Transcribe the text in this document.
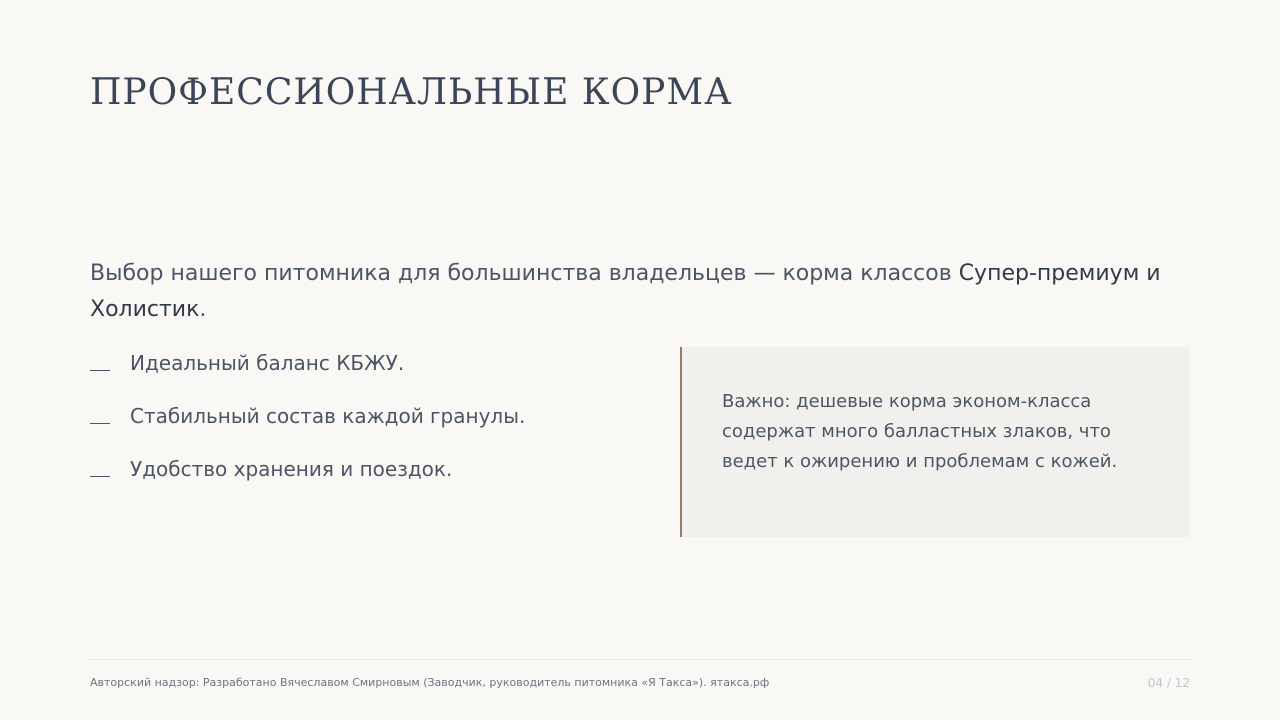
ПРОФЕССИОНАЛЬНЫЕ КОРМА
Выбор нашего питомника для большинства владельцев — корма классов Супер-премиум и Холистик.
Идеальный баланс КБЖУ.
Стабильный состав каждой гранулы.
Удобство хранения и поездок.
Важно: дешевые корма эконом-класса содержат много балластных злаков, что ведет к ожирению и проблемам с кожей.
Авторский надзор: Разработано Вячеславом Смирновым (Заводчик, руководитель питомника «Я Такса»). ятакса.рф	04 / 12
